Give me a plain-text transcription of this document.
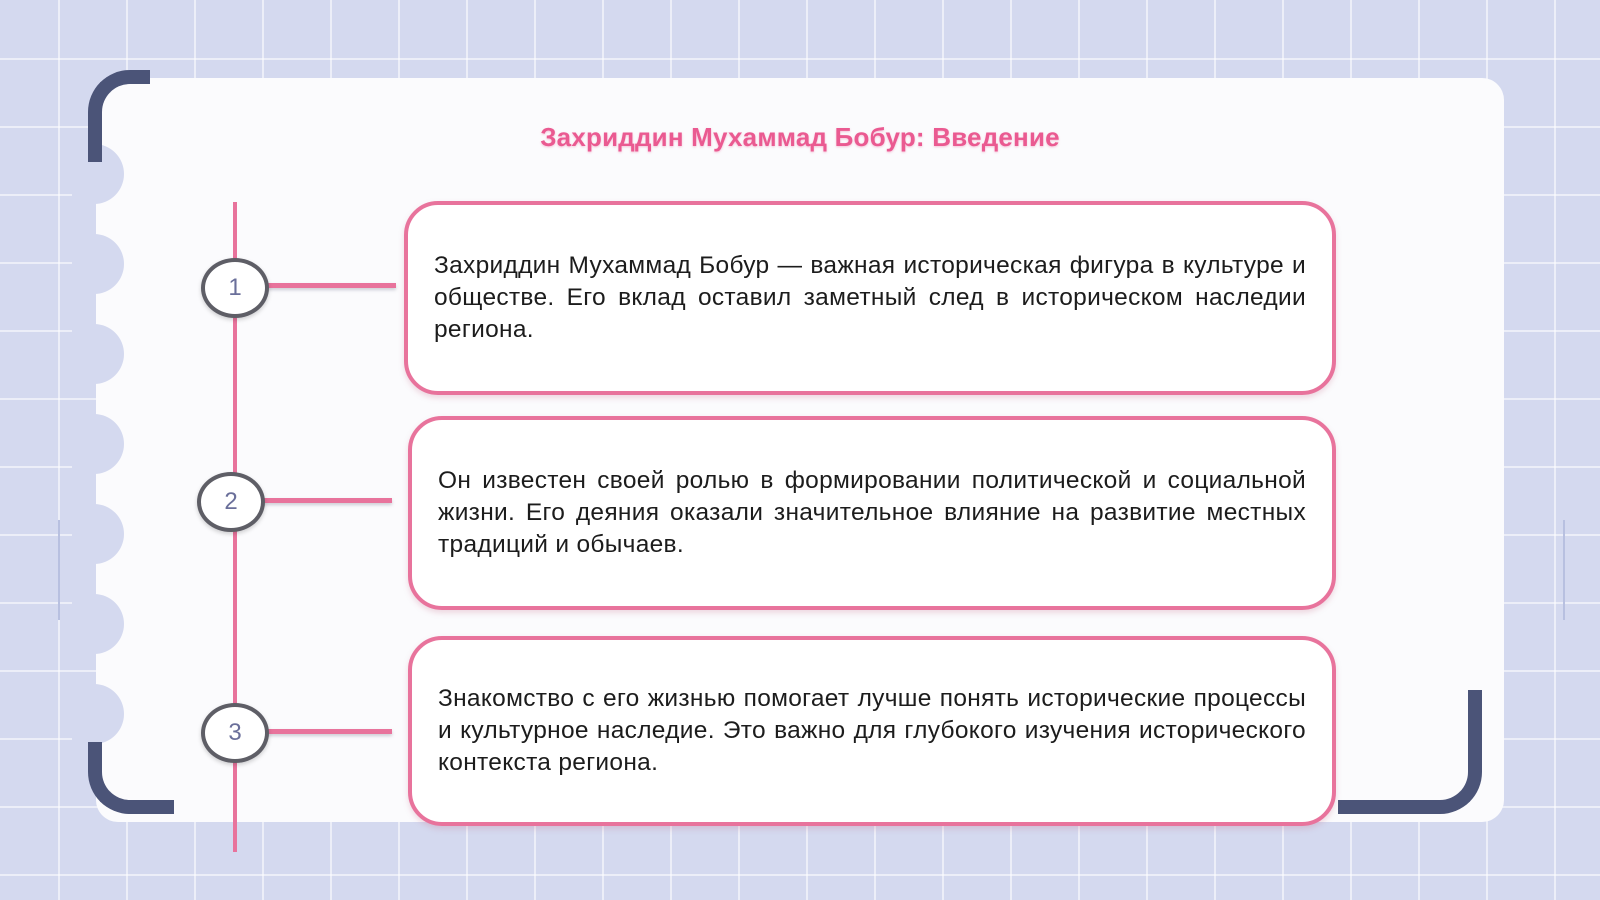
Захриддин Мухаммад Бобур: Введение
1

Захриддин Мухаммад Бобур — важная историческая фигура в культуре и обществе. Его вклад оставил заметный след в историческом наследии региона.

2

Он известен своей ролью в формировании политической и социальной жизни. Его деяния оказали значительное влияние на развитие местных традиций и обычаев.

3

Знакомство с его жизнью помогает лучше понять исторические процессы и культурное наследие. Это важно для глубокого изучения исторического контекста региона.
